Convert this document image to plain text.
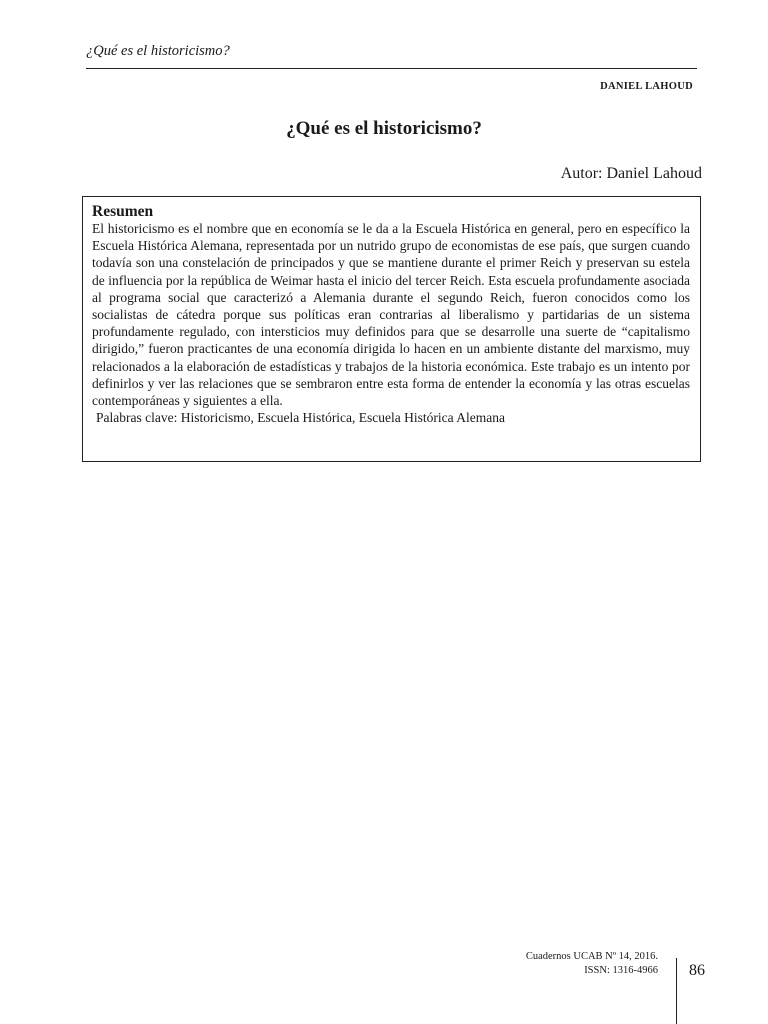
¿Qué es el historicismo?
DANIEL LAHOUD
¿Qué es el historicismo?
Autor: Daniel Lahoud
Resumen

El historicismo es el nombre que en economía se le da a la Escuela Histórica en general, pero en específico la Escuela Histórica Alemana, representada por un nutrido grupo de economistas de ese país, que surgen cuando todavía son una constelación de principados y que se mantiene durante el primer Reich y preservan su estela de influencia por la república de Weimar hasta el inicio del tercer Reich. Esta escuela profundamente asociada al programa social que caracterizó a Alemania durante el segundo Reich, fueron conocidos como los socialistas de cátedra porque sus políticas eran contrarias al liberalismo y partidarias de un sistema profundamente regulado, con intersticios muy definidos para que se desarrolle una suerte de “capitalismo dirigido,” fueron practicantes de una economía dirigida lo hacen en un ambiente distante del marxismo, muy relacionados a la elaboración de estadísticas y trabajos de la historia económica. Este trabajo es un intento por definirlos y ver las relaciones que se sembraron entre esta forma de entender la economía y las otras escuelas contemporáneas y siguientes a ella.

Palabras clave: Historicismo, Escuela Histórica, Escuela Histórica Alemana

Cuadernos UCAB Nº 14, 2016.
ISSN: 1316-4966 86
